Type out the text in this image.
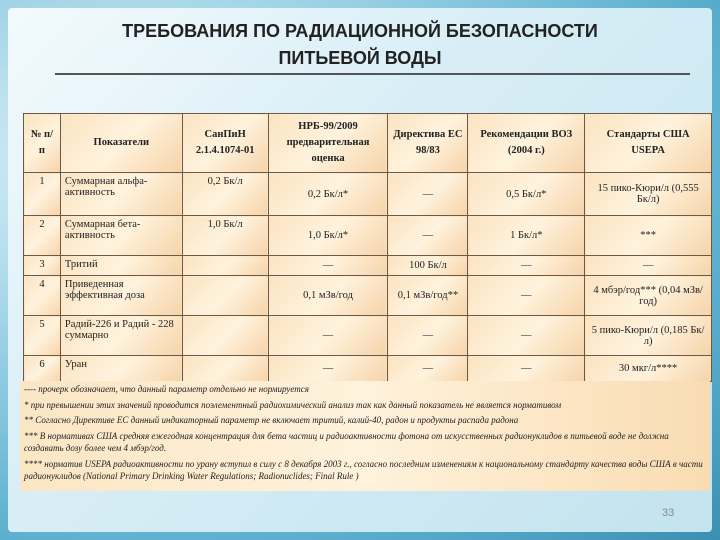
ТРЕБОВАНИЯ ПО РАДИАЦИОННОЙ БЕЗОПАСНОСТИ
ПИТЬЕВОЙ ВОДЫ
№ п/п	Показатели	СанПиН 2.1.4.1074-01	НРБ-99/2009 предварительная оценка	Директива ЕС 98/83	Рекомендации ВОЗ (2004 г.)	Стандарты США USEPA
1	Суммарная альфа-активность	0,2 Бк/л	0,2 Бк/л*	—	0,5 Бк/л*	15 пико-Кюри/л (0,555 Бк/л)
2	Суммарная бета-активность	1,0 Бк/л	1,0 Бк/л*	—	1 Бк/л*	***
3	Тритий		—	100 Бк/л	—	—
4	Приведенная эффективная доза		0,1 мЗв/год	0,1 мЗв/год**	—	4 мбэр/год*** (0,04 мЗв/год)
5	Радий-226 и Радий - 228 суммарно		—	—	—	5 пико-Кюри/л (0,185 Бк/л)
6	Уран		—	—	—	30 мкг/л****

---- прочерк обозначает, что данный параметр отдельно не нормируется

* при превышении этих значений проводится поэлементный радиохимический анализ так как данный показатель не является нормативом

** Согласно Директиве ЕС данный индикаторный параметр не включает тритий, калий-40, радон и продукты распада радона

*** В нормативах США средняя ежегодная концентрация для бета частиц и радиоактивности фотона от искусственных радионуклидов в питьевой воде не должна создавать дозу более чем 4 мбэр/год.

**** норматив USEPA радиоактивности по урану вступил в силу с 8 декабря 2003 г., согласно последним изменениям к национальному стандарту качества воды США в части радионуклидов (National Primary Drinking Water Regulations; Radionuclides; Final Rule )

33
